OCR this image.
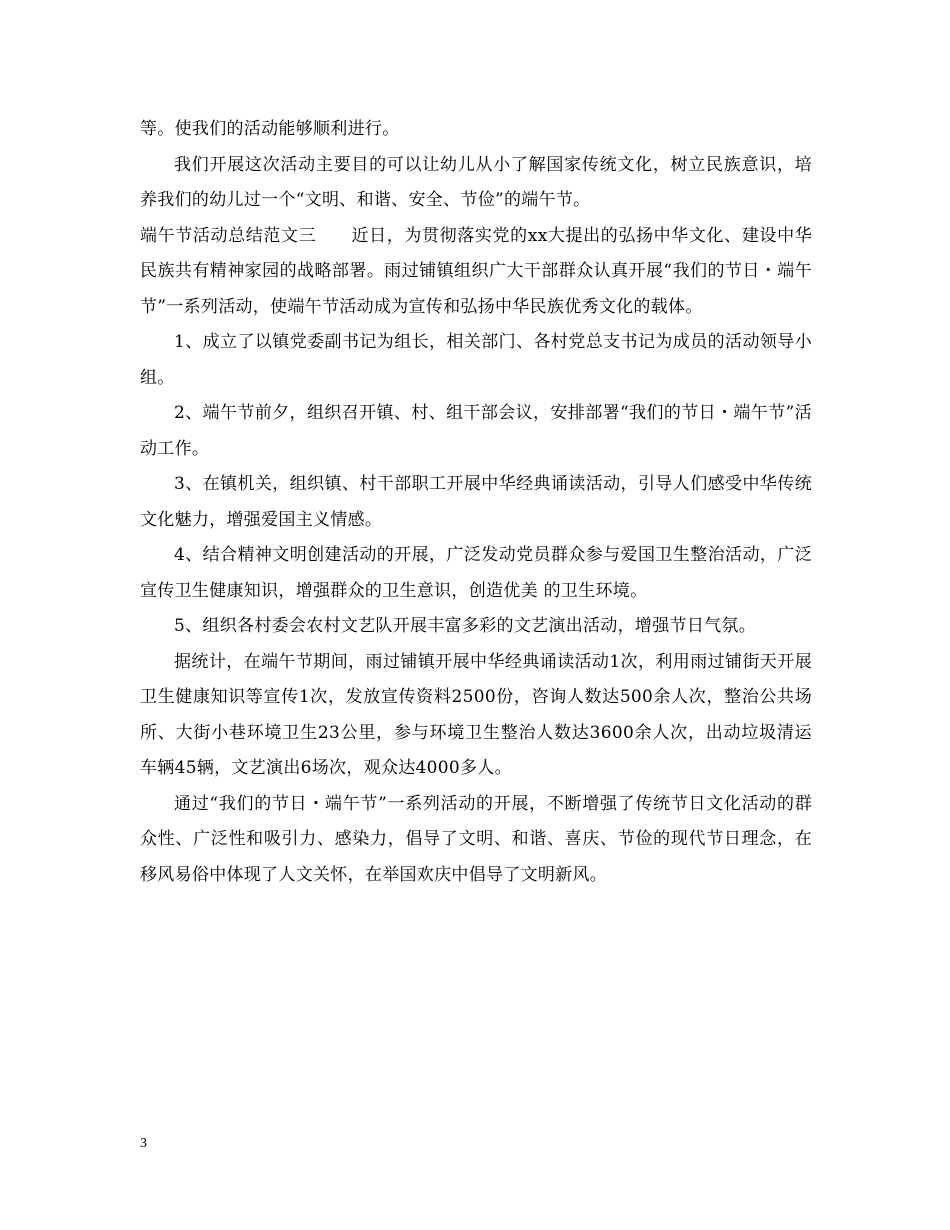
等。使我们的活动能够顺利进行。

我们开展这次活动主要目的可以让幼儿从小了解国家传统文化，树立民族意识，培养我们的幼儿过一个“文明、和谐、安全、节俭”的端午节。

端午节活动总结范文三　　近日，为贯彻落实党的xx大提出的弘扬中华文化、建设中华民族共有精神家园的战略部署。雨过铺镇组织广大干部群众认真开展“我们的节日・端午节”一系列活动，使端午节活动成为宣传和弘扬中华民族优秀文化的载体。

1、成立了以镇党委副书记为组长，相关部门、各村党总支书记为成员的活动领导小组。

2、端午节前夕，组织召开镇、村、组干部会议，安排部署“我们的节日・端午节”活动工作。

3、在镇机关，组织镇、村干部职工开展中华经典诵读活动，引导人们感受中华传统文化魅力，增强爱国主义情感。

4、结合精神文明创建活动的开展，广泛发动党员群众参与爱国卫生整治活动，广泛宣传卫生健康知识，增强群众的卫生意识，创造优美 的卫生环境。

5、组织各村委会农村文艺队开展丰富多彩的文艺演出活动，增强节日气氛。

据统计，在端午节期间，雨过铺镇开展中华经典诵读活动1次，利用雨过铺街天开展卫生健康知识等宣传1次，发放宣传资料2500份，咨询人数达500余人次，整治公共场所、大街小巷环境卫生23公里，参与环境卫生整治人数达3600余人次，出动垃圾清运车辆45辆，文艺演出6场次，观众达4000多人。

通过“我们的节日・端午节”一系列活动的开展，不断增强了传统节日文化活动的群众性、广泛性和吸引力、感染力，倡导了文明、和谐、喜庆、节俭的现代节日理念，在移风易俗中体现了人文关怀，在举国欢庆中倡导了文明新风。

3
